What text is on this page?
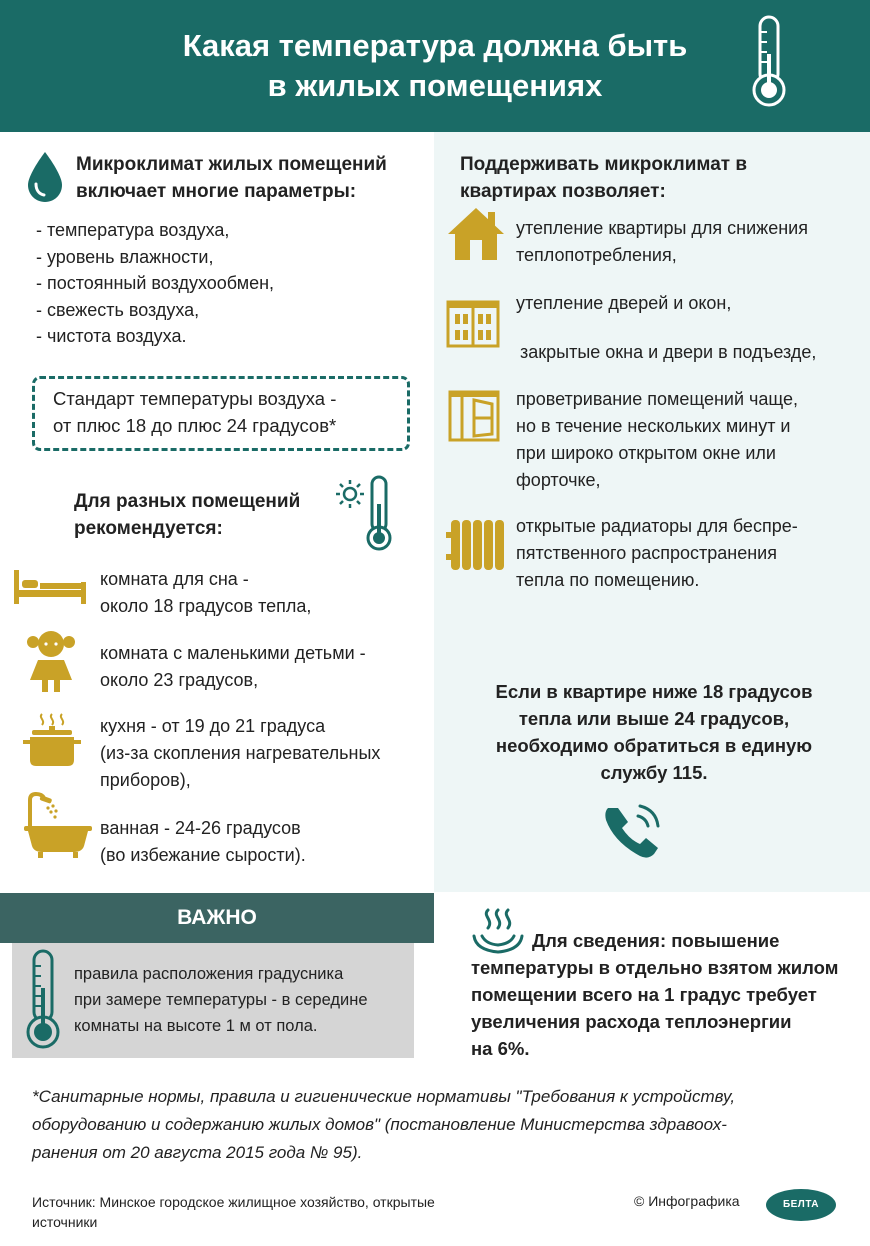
Какая температура должна быть
в жилых помещениях
Микроклимат жилых помещений
включает многие параметры:
- температура воздуха,
- уровень влажности,
- постоянный воздухообмен,
- свежесть воздуха,
- чистота воздуха.
Стандарт температуры воздуха -
от плюс 18 до плюс 24 градусов*
Для разных помещений
рекомендуется:
комната для сна -
около 18 градусов тепла,
комната с маленькими детьми -
около 23 градусов,
кухня - от 19 до 21 градуса
(из-за скопления нагревательных
приборов),
ванная - 24-26 градусов
(во избежание сырости).
Поддерживать микроклимат в
квартирах позволяет:
утепление квартиры для снижения
теплопотребления,
утепление дверей и окон,
закрытые окна и двери в подъезде,
проветривание помещений чаще,
но в течение нескольких минут и
при широко открытом окне или
форточке,
открытые радиаторы для беспре-
пятственного распространения
тепла по помещению.
Если в квартире ниже 18 градусов
тепла или выше 24 градусов,
необходимо обратиться в единую
службу 115.
ВАЖНО
правила расположения градусника
при замере температуры - в середине
комнаты на высоте 1 м от пола.
Для сведения: повышение
температуры в отдельно взятом жилом
помещении всего на 1 градус требует
увеличения расхода теплоэнергии
на 6%.
*Санитарные нормы, правила и гигиенические нормативы "Требования к устройству,
оборудованию и содержанию жилых домов" (постановление Министерства здравоох-
ранения от 20 августа 2015 года № 95).
Источник: Минское городское жилищное хозяйство, открытые
источники
© Инфографика	БЕЛТА
